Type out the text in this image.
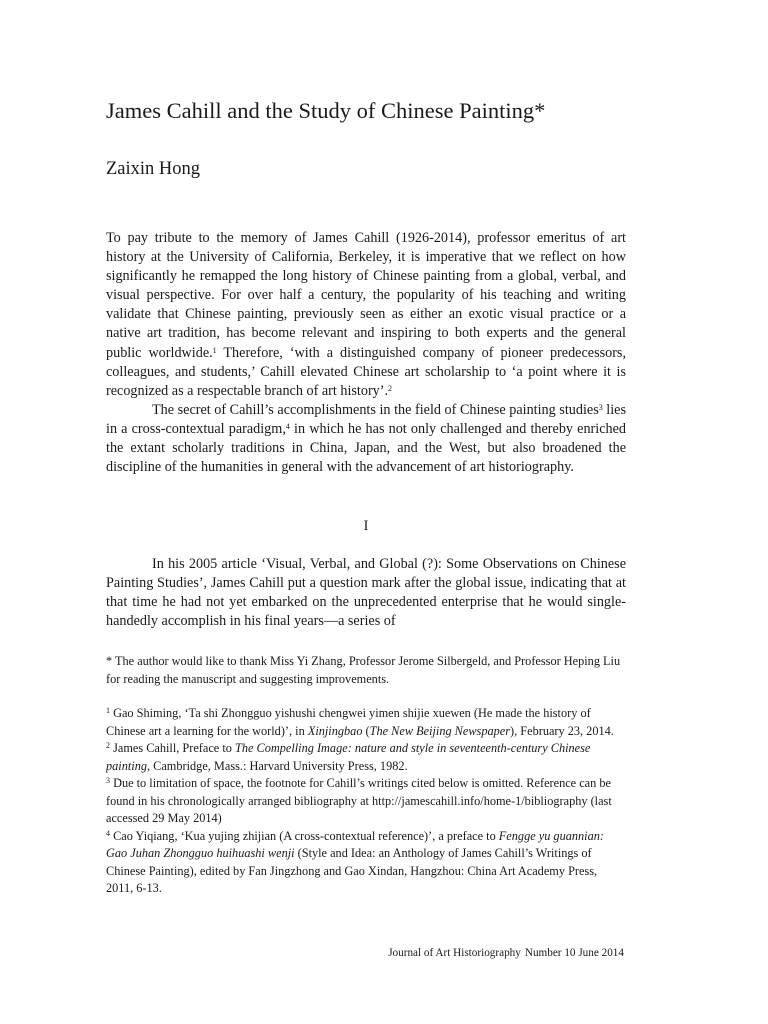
James Cahill and the Study of Chinese Painting*
Zaixin Hong
To pay tribute to the memory of James Cahill (1926-2014), professor emeritus of art history at the University of California, Berkeley, it is imperative that we reflect on how significantly he remapped the long history of Chinese painting from a global, verbal, and visual perspective. For over half a century, the popularity of his teaching and writing validate that Chinese painting, previously seen as either an exotic visual practice or a native art tradition, has become relevant and inspiring to both experts and the general public worldwide.$^1$ Therefore, ‘with a distinguished company of pioneer predecessors, colleagues, and students,’ Cahill elevated Chinese art scholarship to ‘a point where it is recognized as a respectable branch of art history’.$^2$
The secret of Cahill’s accomplishments in the field of Chinese painting studies$^3$ lies in a cross-contextual paradigm,$^4$ in which he has not only challenged and thereby enriched the extant scholarly traditions in China, Japan, and the West, but also broadened the discipline of the humanities in general with the advancement of art historiography.
I
In his 2005 article ‘Visual, Verbal, and Global (?): Some Observations on Chinese Painting Studies’, James Cahill put a question mark after the global issue, indicating that at that time he had not yet embarked on the unprecedented enterprise that he would single-handedly accomplish in his final years—a series of
* The author would like to thank Miss Yi Zhang, Professor Jerome Silbergeld, and Professor Heping Liu for reading the manuscript and suggesting improvements.

$^1$ Gao Shiming, ‘Ta shi Zhongguo yishushi chengwei yimen shijie xuewen (He made the history of Chinese art a learning for the world)’, in Xinjingbao (The New Beijing Newspaper), February 23, 2014.

$^2$ James Cahill, Preface to The Compelling Image: nature and style in seventeenth-century Chinese painting, Cambridge, Mass.: Harvard University Press, 1982.

$^3$ Due to limitation of space, the footnote for Cahill’s writings cited below is omitted. Reference can be found in his chronologically arranged bibliography at http://jamescahill.info/home-1/bibliography (last accessed 29 May 2014)

$^4$ Cao Yiqiang, ‘Kua yujing zhijian (A cross-contextual reference)’, a preface to Fengge yu guannian: Gao Juhan Zhongguo huihuashi wenji (Style and Idea: an Anthology of James Cahill’s Writings of Chinese Painting), edited by Fan Jingzhong and Gao Xindan, Hangzhou: China Art Academy Press, 2011, 6-13.

Journal of Art Historiography Number 10 June 2014
